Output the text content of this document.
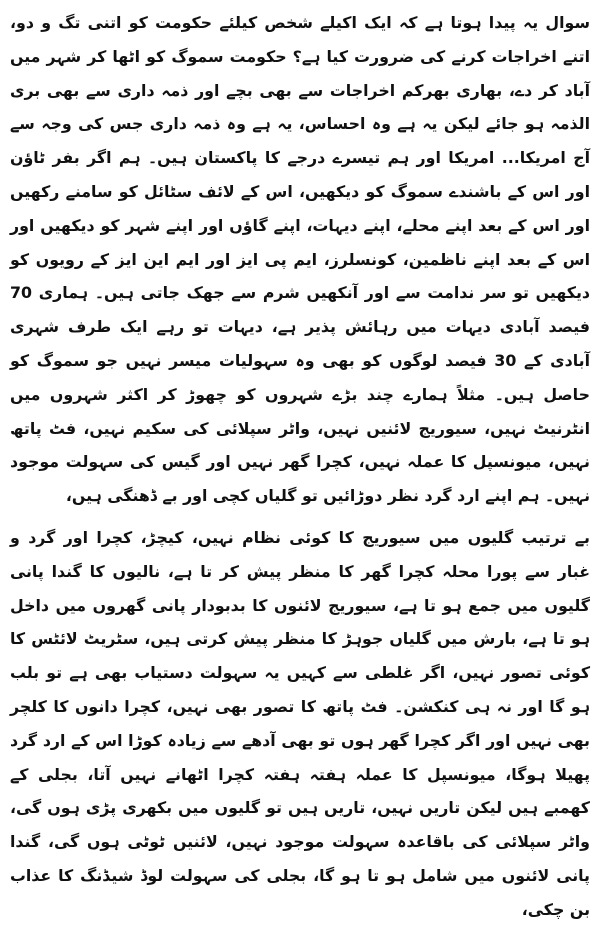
سوال یہ پیدا ہوتا ہے کہ ایک اکیلے شخص کیلئے حکومت کو اتنی تگ و دو، اتنے اخراجات کرنے کی ضرورت کیا ہے؟ حکومت سموگ کو اٹھا کر شہر میں آباد کر دے، بھاری بھرکم اخراجات سے بھی بچے اور ذمہ داری سے بھی بری الذمہ ہو جائے لیکن یہ ہے وہ احساس، یہ ہے وہ ذمہ داری جس کی وجہ سے آج امریکا... امریکا اور ہم تیسرے درجے کا پاکستان ہیں۔ ہم اگر بفر ٹاؤن اور اس کے باشندے سموگ کو دیکھیں، اس کے لائف سٹائل کو سامنے رکھیں اور اس کے بعد اپنے محلے، اپنے دیہات، اپنے گاؤں اور اپنے شہر کو دیکھیں اور اس کے بعد اپنے ناظمین، کونسلرز، ایم پی ایز اور ایم این ایز کے رویوں کو دیکھیں تو سر ندامت سے اور آنکھیں شرم سے جھک جاتی ہیں۔ ہماری 70 فیصد آبادی دیہات میں رہائش پذیر ہے، دیہات تو رہے ایک طرف شہری آبادی کے 30 فیصد لوگوں کو بھی وہ سہولیات میسر نہیں جو سموگ کو حاصل ہیں۔ مثلاً ہمارے چند بڑے شہروں کو چھوڑ کر اکثر شہروں میں انٹرنیٹ نہیں، سیوریج لائنیں نہیں، واٹر سپلائی کی سکیم نہیں، فٹ پاتھ نہیں، میونسپل کا عملہ نہیں، کچرا گھر نہیں اور گیس کی سہولت موجود نہیں۔ ہم اپنے ارد گرد نظر دوڑائیں تو گلیاں کچی اور بے ڈھنگی ہیں،

بے ترتیب گلیوں میں سیوریج کا کوئی نظام نہیں، کیچڑ، کچرا اور گرد و غبار سے پورا محلہ کچرا گھر کا منظر پیش کر تا ہے، نالیوں کا گندا پانی گلیوں میں جمع ہو تا ہے، سیوریج لائنوں کا بدبودار پانی گھروں میں داخل ہو تا ہے، بارش میں گلیاں جوہڑ کا منظر پیش کرتی ہیں، سٹریٹ لائٹس کا کوئی تصور نہیں، اگر غلطی سے کہیں یہ سہولت دستیاب بھی ہے تو بلب ہو گا اور نہ ہی کنکشن۔ فٹ پاتھ کا تصور بھی نہیں، کچرا دانوں کا کلچر بھی نہیں اور اگر کچرا گھر ہوں تو بھی آدھے سے زیادہ کوڑا اس کے ارد گرد پھیلا ہوگا، میونسپل کا عملہ ہفتہ ہفتہ کچرا اٹھانے نہیں آتا، بجلی کے کھمبے ہیں لیکن تاریں نہیں، تاریں ہیں تو گلیوں میں بکھری پڑی ہوں گی، واٹر سپلائی کی باقاعدہ سہولت موجود نہیں، لائنیں ٹوٹی ہوں گی، گندا پانی لائنوں میں شامل ہو تا ہو گا، بجلی کی سہولت لوڈ شیڈنگ کا عذاب بن چکی،
